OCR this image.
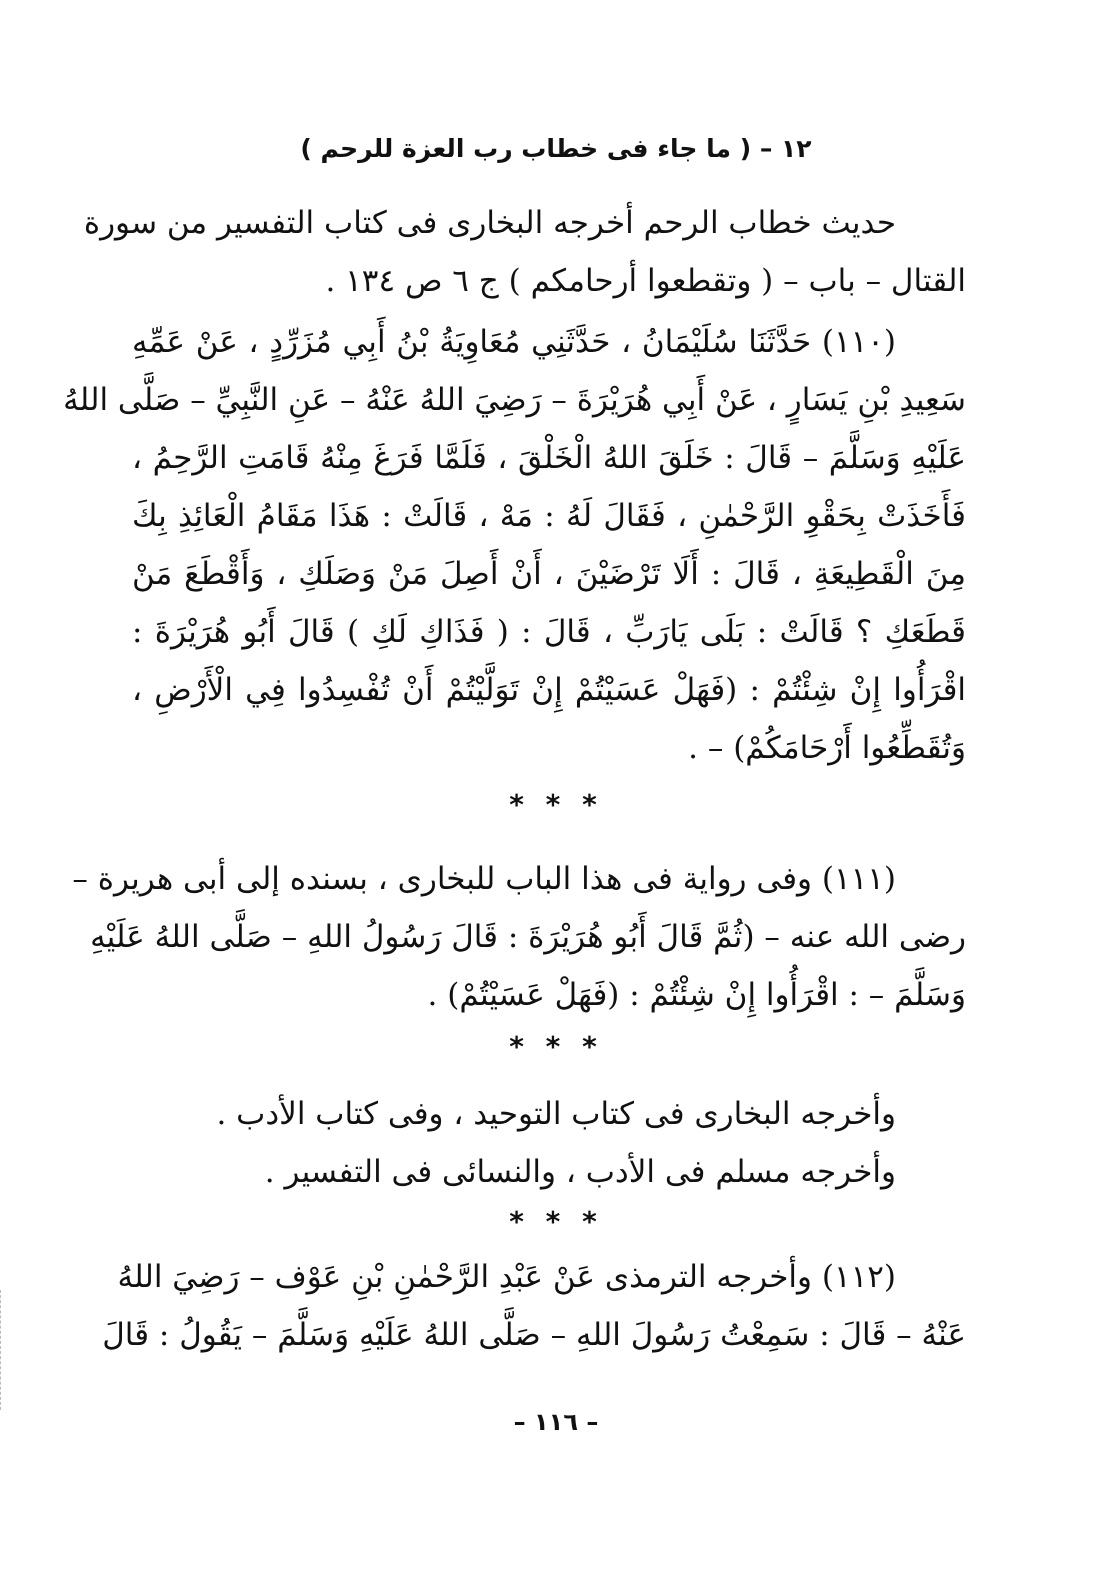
١٢ – ( ما جاء فى خطاب رب العزة للرحم )
حديث خطاب الرحم أخرجه البخارى فى كتاب التفسير من سورة
القتال – باب – ( وتقطعوا أرحامكم ) ج ٦ ص ١٣٤ .
(١١٠) حَدَّثَنَا سُلَيْمَانُ ، حَدَّثَنِي مُعَاوِيَةُ بْنُ أَبِي مُزَرِّدٍ ، عَنْ عَمِّهِ
سَعِيدِ بْنِ يَسَارٍ ، عَنْ أَبِي هُرَيْرَةَ – رَضِيَ اللهُ عَنْهُ – عَنِ النَّبِيِّ – صَلَّى اللهُ
عَلَيْهِ وَسَلَّمَ – قَالَ : خَلَقَ اللهُ الْخَلْقَ ، فَلَمَّا فَرَغَ مِنْهُ قَامَتِ الرَّحِمُ ،
فَأَخَذَتْ بِحَقْوِ الرَّحْمٰنِ ، فَقَالَ لَهُ : مَهْ ، قَالَتْ : هَذَا مَقَامُ الْعَائِذِ بِكَ
مِنَ الْقَطِيعَةِ ، قَالَ : أَلَا تَرْضَيْنَ ، أَنْ أَصِلَ مَنْ وَصَلَكِ ، وَأَقْطَعَ مَنْ
قَطَعَكِ ؟ قَالَتْ : بَلَى يَارَبِّ ، قَالَ : ( فَذَاكِ لَكِ ) قَالَ أَبُو هُرَيْرَةَ :
اقْرَأُوا إِنْ شِئْتُمْ : (فَهَلْ عَسَيْتُمْ إِنْ تَوَلَّيْتُمْ أَنْ تُفْسِدُوا فِي الْأَرْضِ ،
وَتُقَطِّعُوا أَرْحَامَكُمْ) – .
* * *
(١١١) وفى رواية فى هذا الباب للبخارى ، بسنده إلى أبى هريرة –
رضى الله عنه – (ثُمَّ قَالَ أَبُو هُرَيْرَةَ : قَالَ رَسُولُ اللهِ – صَلَّى اللهُ عَلَيْهِ
وَسَلَّمَ – : اقْرَأُوا إِنْ شِئْتُمْ : (فَهَلْ عَسَيْتُمْ) .
* * *
وأخرجه البخارى فى كتاب التوحيد ، وفى كتاب الأدب .
وأخرجه مسلم فى الأدب ، والنسائى فى التفسير .
* * *
(١١٢) وأخرجه الترمذى عَنْ عَبْدِ الرَّحْمٰنِ بْنِ عَوْف – رَضِيَ اللهُ
عَنْهُ – قَالَ : سَمِعْتُ رَسُولَ اللهِ – صَلَّى اللهُ عَلَيْهِ وَسَلَّمَ – يَقُولُ : قَالَ
– ١١٦ –
